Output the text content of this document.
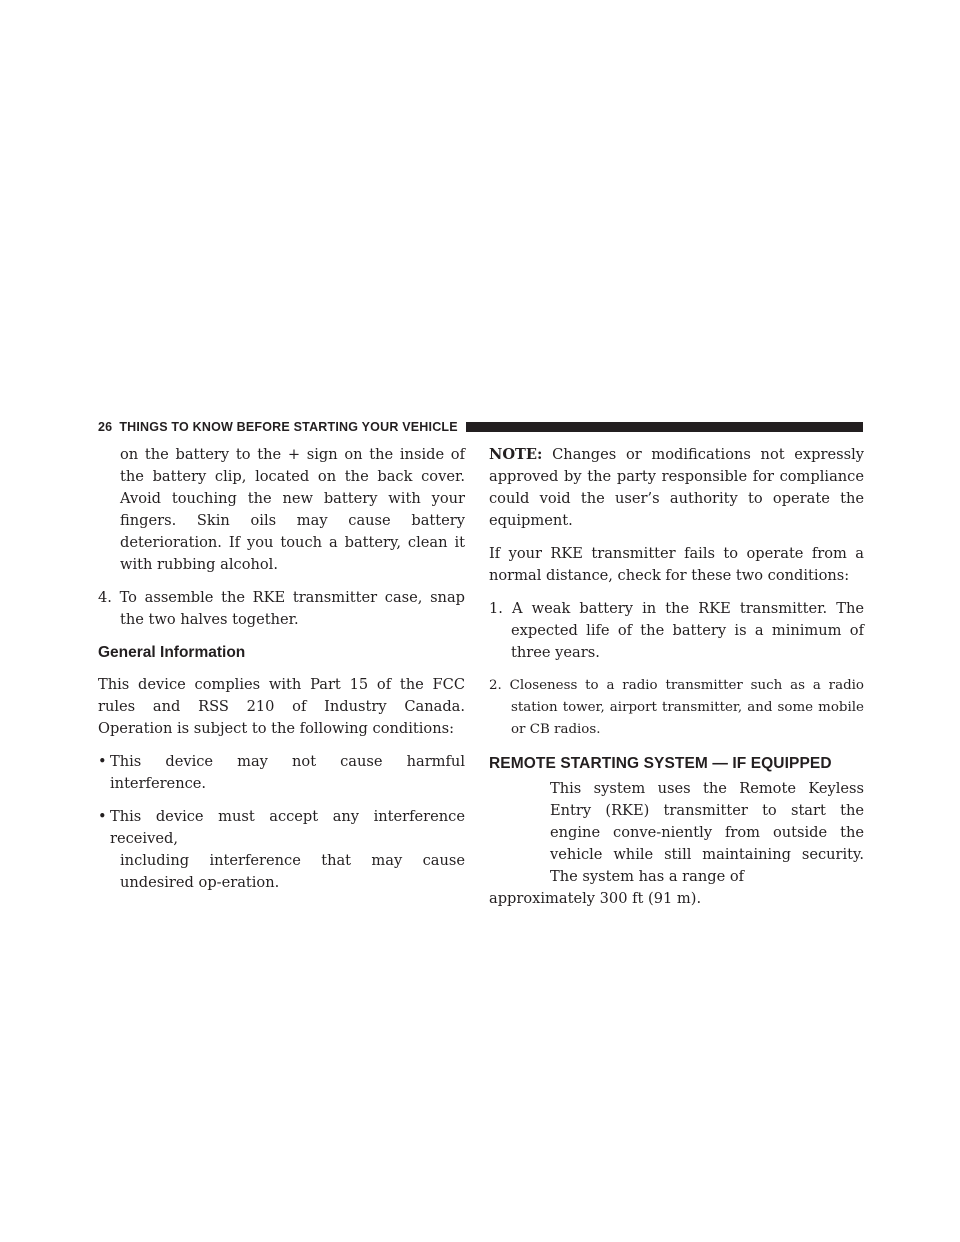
26 THINGS TO KNOW BEFORE STARTING YOUR VEHICLE

on the battery to the + sign on the inside of the battery clip, located on the back cover. Avoid touching the new battery with your fingers. Skin oils may cause battery deterioration. If you touch a battery, clean it with rubbing alcohol.

4. To assemble the RKE transmitter case, snap the two halves together.

General Information

This device complies with Part 15 of the FCC rules and RSS 210 of Industry Canada. Operation is subject to the following conditions:

• This device may not cause harmful interference.
• This device must accept any interference received,
including interference that may cause undesired op-eration.

NOTE: Changes or modifications not expressly approved by the party responsible for compliance could void the user’s authority to operate the equipment.

If your RKE transmitter fails to operate from a normal distance, check for these two conditions:

1. A weak battery in the RKE transmitter. The expected life of the battery is a minimum of three years.

2. Closeness to a radio transmitter such as a radio station tower, airport transmitter, and some mobile or CB radios.

REMOTE STARTING SYSTEM — IF EQUIPPED

This system uses the Remote Keyless Entry (RKE) transmitter to start the engine conve-niently from outside the vehicle while still maintaining security. The system has a range of

approximately 300 ft (91 m).
